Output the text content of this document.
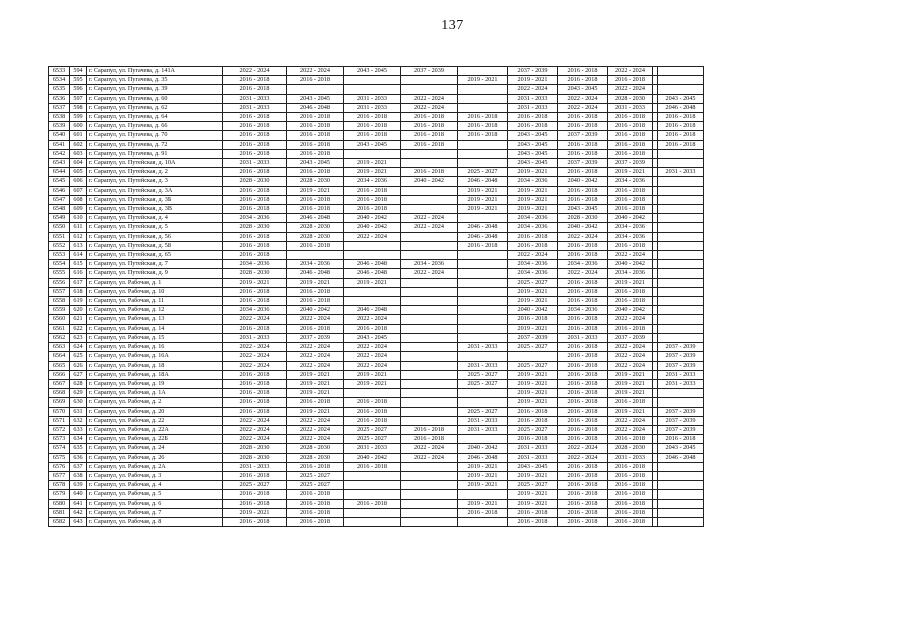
137
6533	594	г. Сарапул, ул. Пугачева, д. 141А	2022 - 2024	2022 - 2024	2043 - 2045	2037 - 2039		2037 - 2039	2016 - 2018	2022 - 2024		
6534	595	г. Сарапул, ул. Пугачева, д. 35	2016 - 2018	2016 - 2018			2019 - 2021	2019 - 2021	2016 - 2018	2016 - 2018		
6535	596	г. Сарапул, ул. Пугачева, д. 39	2016 - 2018					2022 - 2024	2043 - 2045	2022 - 2024		
6536	597	г. Сарапул, ул. Пугачева, д. 60	2031 - 2033	2043 - 2045	2031 - 2033	2022 - 2024		2031 - 2033	2022 - 2024	2028 - 2030		2043 - 2045
6537	598	г. Сарапул, ул. Пугачева, д. 62	2031 - 2033	2046 - 2048	2031 - 2033	2022 - 2024		2031 - 2033	2022 - 2024	2031 - 2033		2046 - 2048
6538	599	г. Сарапул, ул. Пугачева, д. 64	2016 - 2018	2016 - 2018	2016 - 2018	2016 - 2018	2016 - 2018	2016 - 2018	2016 - 2018	2016 - 2018		2016 - 2018
6539	600	г. Сарапул, ул. Пугачева, д. 66	2016 - 2018	2016 - 2018	2016 - 2018	2016 - 2018	2016 - 2018	2016 - 2018	2016 - 2018	2016 - 2018		2016 - 2018
6540	601	г. Сарапул, ул. Пугачева, д. 70	2016 - 2018	2016 - 2018	2016 - 2018	2016 - 2018	2016 - 2018	2043 - 2045	2037 - 2039	2016 - 2018		2016 - 2018
6541	602	г. Сарапул, ул. Пугачева, д. 72	2016 - 2018	2016 - 2018	2043 - 2045	2016 - 2018		2043 - 2045	2016 - 2018	2016 - 2018		2016 - 2018
6542	603	г. Сарапул, ул. Пугачева, д. 91	2016 - 2018	2016 - 2018				2043 - 2045	2016 - 2018	2016 - 2018		
6543	604	г. Сарапул, ул. Путейская, д. 10А	2031 - 2033	2043 - 2045	2019 - 2021			2043 - 2045	2037 - 2039	2037 - 2039		
6544	605	г. Сарапул, ул. Путейская, д. 2	2016 - 2018	2016 - 2018	2019 - 2021	2016 - 2018	2025 - 2027	2019 - 2021	2016 - 2018	2019 - 2021		2031 - 2033
6545	606	г. Сарапул, ул. Путейская, д. 3	2028 - 2030	2028 - 2030	2034 - 2036	2040 - 2042	2046 - 2048	2034 - 2036	2040 - 2042	2034 - 2036		
6546	607	г. Сарапул, ул. Путейская, д. 3А	2016 - 2018	2019 - 2021	2016 - 2018		2019 - 2021	2019 - 2021	2016 - 2018	2016 - 2018		
6547	608	г. Сарапул, ул. Путейская, д. 3Б	2016 - 2018	2016 - 2018	2016 - 2018		2019 - 2021	2019 - 2021	2016 - 2018	2016 - 2018		
6548	609	г. Сарапул, ул. Путейская, д. 3В	2016 - 2018	2016 - 2018	2016 - 2018		2019 - 2021	2019 - 2021	2043 - 2045	2016 - 2018		
6549	610	г. Сарапул, ул. Путейская, д. 4	2034 - 2036	2046 - 2048	2040 - 2042	2022 - 2024		2034 - 2036	2028 - 2030	2040 - 2042		
6550	611	г. Сарапул, ул. Путейская, д. 5	2028 - 2030	2028 - 2030	2040 - 2042	2022 - 2024	2046 - 2048	2034 - 2036	2040 - 2042	2034 - 2036		
6551	612	г. Сарапул, ул. Путейская, д. 56	2016 - 2018	2028 - 2030	2022 - 2024		2046 - 2048	2016 - 2018	2022 - 2024	2034 - 2036		
6552	613	г. Сарапул, ул. Путейская, д. 58	2016 - 2018	2016 - 2018			2016 - 2018	2016 - 2018	2016 - 2018	2016 - 2018		
6553	614	г. Сарапул, ул. Путейская, д. 65	2016 - 2018					2022 - 2024	2016 - 2018	2022 - 2024		
6554	615	г. Сарапул, ул. Путейская, д. 7	2034 - 2036	2034 - 2036	2046 - 2048	2034 - 2036		2034 - 2036	2034 - 2036	2040 - 2042		
6555	616	г. Сарапул, ул. Путейская, д. 9	2028 - 2030	2046 - 2048	2046 - 2048	2022 - 2024		2034 - 2036	2022 - 2024	2034 - 2036		
6556	617	г. Сарапул, ул. Рабочая, д. 1	2019 - 2021	2019 - 2021	2019 - 2021			2025 - 2027	2016 - 2018	2019 - 2021		
6557	618	г. Сарапул, ул. Рабочая, д. 10	2016 - 2018	2016 - 2018				2019 - 2021	2016 - 2018	2016 - 2018		
6558	619	г. Сарапул, ул. Рабочая, д. 11	2016 - 2018	2016 - 2018				2019 - 2021	2016 - 2018	2016 - 2018		
6559	620	г. Сарапул, ул. Рабочая, д. 12	2034 - 2036	2040 - 2042	2046 - 2048			2040 - 2042	2034 - 2036	2040 - 2042		
6560	621	г. Сарапул, ул. Рабочая, д. 13	2022 - 2024	2022 - 2024	2022 - 2024			2016 - 2018	2016 - 2018	2022 - 2024		
6561	622	г. Сарапул, ул. Рабочая, д. 14	2016 - 2018	2016 - 2018	2016 - 2018			2019 - 2021	2016 - 2018	2016 - 2018		
6562	623	г. Сарапул, ул. Рабочая, д. 15	2031 - 2033	2037 - 2039	2043 - 2045			2037 - 2039	2031 - 2033	2037 - 2039		
6563	624	г. Сарапул, ул. Рабочая, д. 16	2022 - 2024	2022 - 2024	2022 - 2024		2031 - 2033	2025 - 2027	2016 - 2018	2022 - 2024		2037 - 2039
6564	625	г. Сарапул, ул. Рабочая, д. 16А	2022 - 2024	2022 - 2024	2022 - 2024				2016 - 2018	2022 - 2024		2037 - 2039
6565	626	г. Сарапул, ул. Рабочая, д. 18	2022 - 2024	2022 - 2024	2022 - 2024		2031 - 2033	2025 - 2027	2016 - 2018	2022 - 2024		2037 - 2039
6566	627	г. Сарапул, ул. Рабочая, д. 18А	2016 - 2018	2019 - 2021	2019 - 2021		2025 - 2027	2019 - 2021	2016 - 2018	2019 - 2021		2031 - 2033
6567	628	г. Сарапул, ул. Рабочая, д. 19	2016 - 2018	2019 - 2021	2019 - 2021		2025 - 2027	2019 - 2021	2016 - 2018	2019 - 2021		2031 - 2033
6568	629	г. Сарапул, ул. Рабочая, д. 1А	2016 - 2018	2019 - 2021				2019 - 2021	2016 - 2018	2019 - 2021		
6569	630	г. Сарапул, ул. Рабочая, д. 2	2016 - 2018	2016 - 2018	2016 - 2018			2019 - 2021	2016 - 2018	2016 - 2018		
6570	631	г. Сарапул, ул. Рабочая, д. 20	2016 - 2018	2019 - 2021	2016 - 2018		2025 - 2027	2016 - 2018	2016 - 2018	2019 - 2021		2037 - 2039
6571	632	г. Сарапул, ул. Рабочая, д. 22	2022 - 2024	2022 - 2024	2016 - 2018		2031 - 2033	2016 - 2018	2016 - 2018	2022 - 2024		2037 - 2039
6572	633	г. Сарапул, ул. Рабочая, д. 22А	2022 - 2024	2022 - 2024	2025 - 2027	2016 - 2018	2031 - 2033	2025 - 2027	2016 - 2018	2022 - 2024		2037 - 2039
6573	634	г. Сарапул, ул. Рабочая, д. 22Б	2022 - 2024	2022 - 2024	2025 - 2027	2016 - 2018		2016 - 2018	2016 - 2018	2016 - 2018		2016 - 2018
6574	635	г. Сарапул, ул. Рабочая, д. 24	2028 - 2030	2028 - 2030	2031 - 2033	2022 - 2024	2040 - 2042	2031 - 2033	2022 - 2024	2028 - 2030		2043 - 2045
6575	636	г. Сарапул, ул. Рабочая, д. 26	2028 - 2030	2028 - 2030	2040 - 2042	2022 - 2024	2046 - 2048	2031 - 2033	2022 - 2024	2031 - 2033		2046 - 2048
6576	637	г. Сарапул, ул. Рабочая, д. 2А	2031 - 2033	2016 - 2018	2016 - 2018		2019 - 2021	2043 - 2045	2016 - 2018	2016 - 2018		
6577	638	г. Сарапул, ул. Рабочая, д. 3	2016 - 2018	2025 - 2027			2019 - 2021	2019 - 2021	2016 - 2018	2016 - 2018		
6578	639	г. Сарапул, ул. Рабочая, д. 4	2025 - 2027	2025 - 2027			2019 - 2021	2025 - 2027	2016 - 2018	2016 - 2018		
6579	640	г. Сарапул, ул. Рабочая, д. 5	2016 - 2018	2016 - 2018				2019 - 2021	2016 - 2018	2016 - 2018		
6580	641	г. Сарапул, ул. Рабочая, д. 6	2016 - 2018	2016 - 2018	2016 - 2018		2019 - 2021	2019 - 2021	2016 - 2018	2016 - 2018		
6581	642	г. Сарапул, ул. Рабочая, д. 7	2019 - 2021	2016 - 2018			2016 - 2018	2016 - 2018	2016 - 2018	2016 - 2018		
6582	643	г. Сарапул, ул. Рабочая, д. 8	2016 - 2018	2016 - 2018				2016 - 2018	2016 - 2018	2016 - 2018		
